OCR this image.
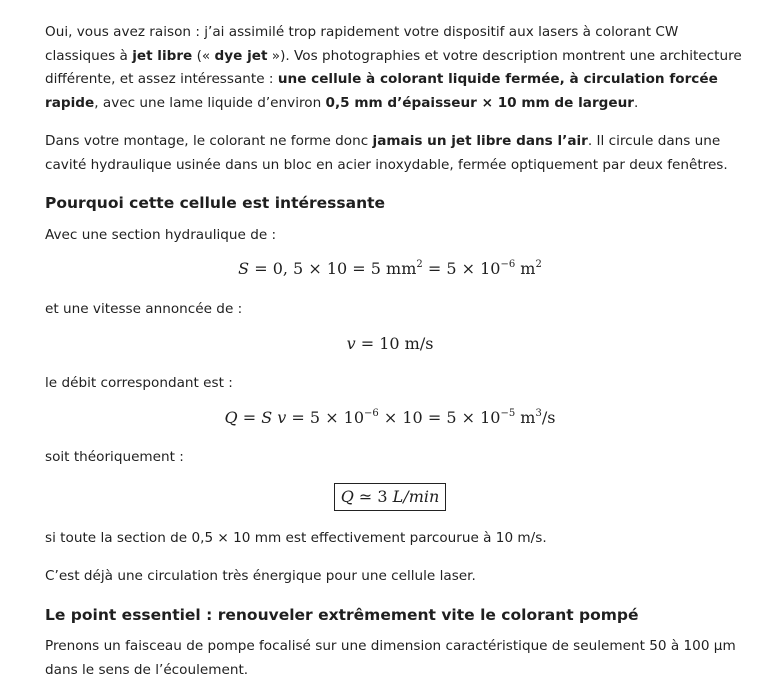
Oui, vous avez raison : j’ai assimilé trop rapidement votre dispositif aux lasers à colorant CW classiques à jet libre (« dye jet »). Vos photographies et votre description montrent une architecture différente, et assez intéressante : une cellule à colorant liquide fermée, à circulation forcée rapide, avec une lame liquide d’environ 0,5 mm d’épaisseur × 10 mm de largeur.

Dans votre montage, le colorant ne forme donc jamais un jet libre dans l’air. Il circule dans une cavité hydraulique usinée dans un bloc en acier inoxydable, fermée optiquement par deux fenêtres.

Pourquoi cette cellule est intéressante

Avec une section hydraulique de :

S = 0, 5 × 10 = 5 $mm^2 = 5 \times 10^{-6}$ $m^2$

et une vitesse annoncée de :

v = 10 m/s

le débit correspondant est :

Q = S $v = 5 \times 10^{-6} \times 10 = 5 \times 10^{-5}$ $m^3/s$

soit théoriquement :

Q ≃ 3 L/min

si toute la section de 0,5 × 10 mm est effectivement parcourue à 10 m/s.

C’est déjà une circulation très énergique pour une cellule laser.

Le point essentiel : renouveler extrêmement vite le colorant pompé

Prenons un faisceau de pompe focalisé sur une dimension caractéristique de seulement 50 à 100 µm dans le sens de l’écoulement.
